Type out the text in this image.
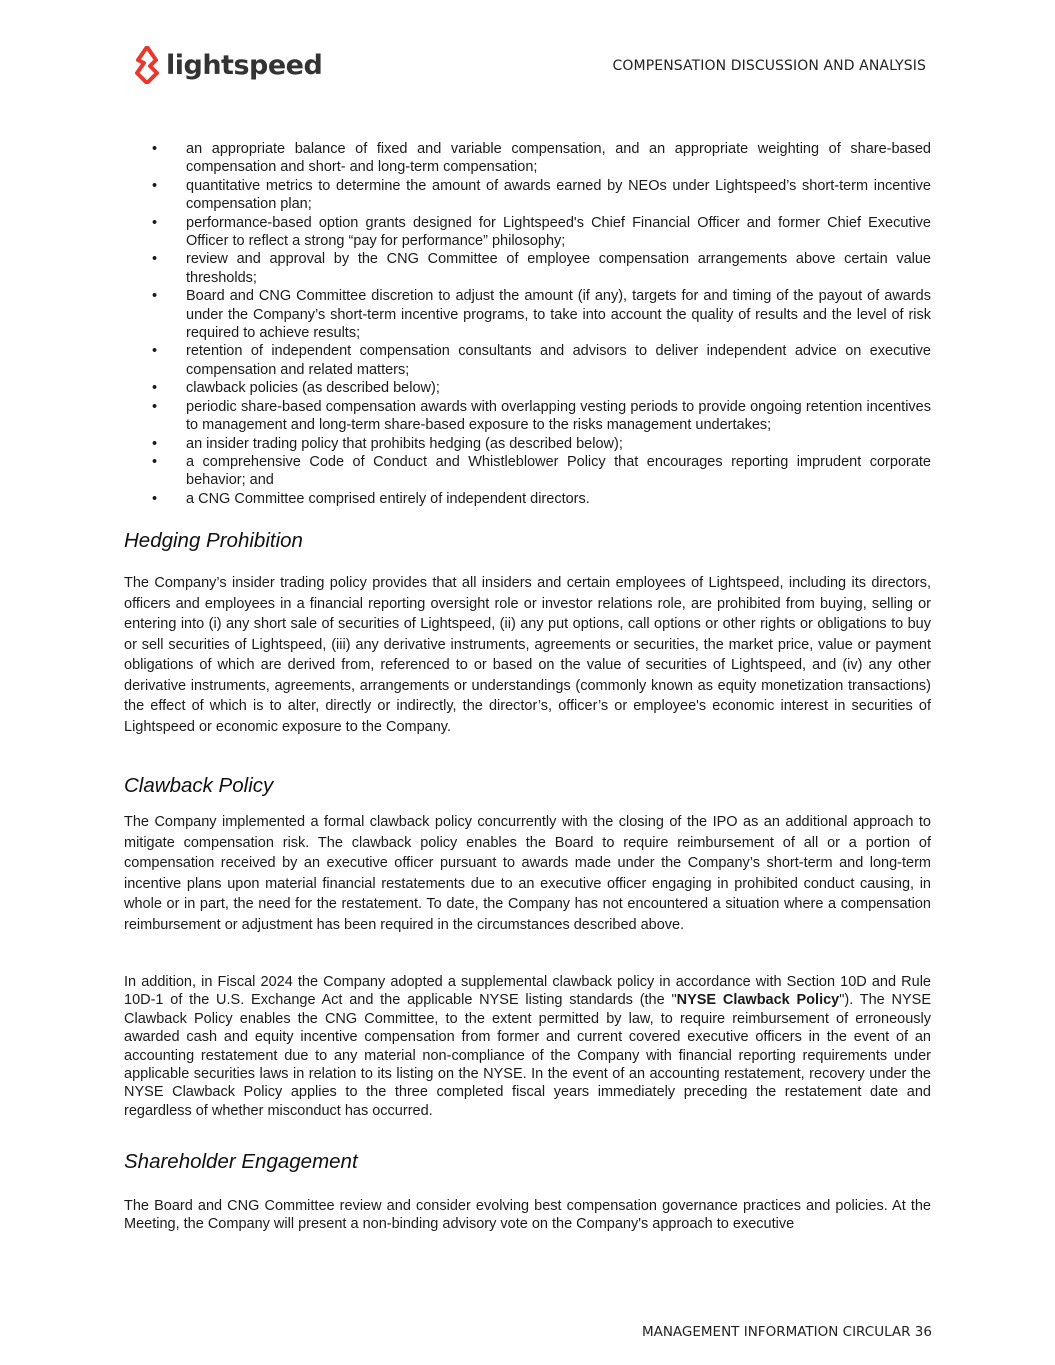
lightspeed	COMPENSATION DISCUSSION AND ANALYSIS
• an appropriate balance of fixed and variable compensation, and an appropriate weighting of share-based compensation and short- and long-term compensation;
• quantitative metrics to determine the amount of awards earned by NEOs under Lightspeed’s short-term incentive compensation plan;
• performance-based option grants designed for Lightspeed's Chief Financial Officer and former Chief Executive Officer to reflect a strong “pay for performance” philosophy;
• review and approval by the CNG Committee of employee compensation arrangements above certain value thresholds;
• Board and CNG Committee discretion to adjust the amount (if any), targets for and timing of the payout of awards under the Company’s short-term incentive programs, to take into account the quality of results and the level of risk required to achieve results;
• retention of independent compensation consultants and advisors to deliver independent advice on executive compensation and related matters;
• clawback policies (as described below);
• periodic share-based compensation awards with overlapping vesting periods to provide ongoing retention incentives to management and long-term share-based exposure to the risks management undertakes;
• an insider trading policy that prohibits hedging (as described below);
• a comprehensive Code of Conduct and Whistleblower Policy that encourages reporting imprudent corporate behavior; and
• a CNG Committee comprised entirely of independent directors.
Hedging Prohibition

The Company’s insider trading policy provides that all insiders and certain employees of Lightspeed, including its directors, officers and employees in a financial reporting oversight role or investor relations role, are prohibited from buying, selling or entering into (i) any short sale of securities of Lightspeed, (ii) any put options, call options or other rights or obligations to buy or sell securities of Lightspeed, (iii) any derivative instruments, agreements or securities, the market price, value or payment obligations of which are derived from, referenced to or based on the value of securities of Lightspeed, and (iv) any other derivative instruments, agreements, arrangements or understandings (commonly known as equity monetization transactions) the effect of which is to alter, directly or indirectly, the director’s, officer’s or employee's economic interest in securities of Lightspeed or economic exposure to the Company.

Clawback Policy

The Company implemented a formal clawback policy concurrently with the closing of the IPO as an additional approach to mitigate compensation risk. The clawback policy enables the Board to require reimbursement of all or a portion of compensation received by an executive officer pursuant to awards made under the Company’s short-term and long-term incentive plans upon material financial restatements due to an executive officer engaging in prohibited conduct causing, in whole or in part, the need for the restatement. To date, the Company has not encountered a situation where a compensation reimbursement or adjustment has been required in the circumstances described above.

In addition, in Fiscal 2024 the Company adopted a supplemental clawback policy in accordance with Section 10D and Rule 10D-1 of the U.S. Exchange Act and the applicable NYSE listing standards (the "NYSE Clawback Policy"). The NYSE Clawback Policy enables the CNG Committee, to the extent permitted by law, to require reimbursement of erroneously awarded cash and equity incentive compensation from former and current covered executive officers in the event of an accounting restatement due to any material non-compliance of the Company with financial reporting requirements under applicable securities laws in relation to its listing on the NYSE. In the event of an accounting restatement, recovery under the NYSE Clawback Policy applies to the three completed fiscal years immediately preceding the restatement date and regardless of whether misconduct has occurred.

Shareholder Engagement

The Board and CNG Committee review and consider evolving best compensation governance practices and policies. At the Meeting, the Company will present a non-binding advisory vote on the Company's approach to executive

MANAGEMENT INFORMATION CIRCULAR 36
